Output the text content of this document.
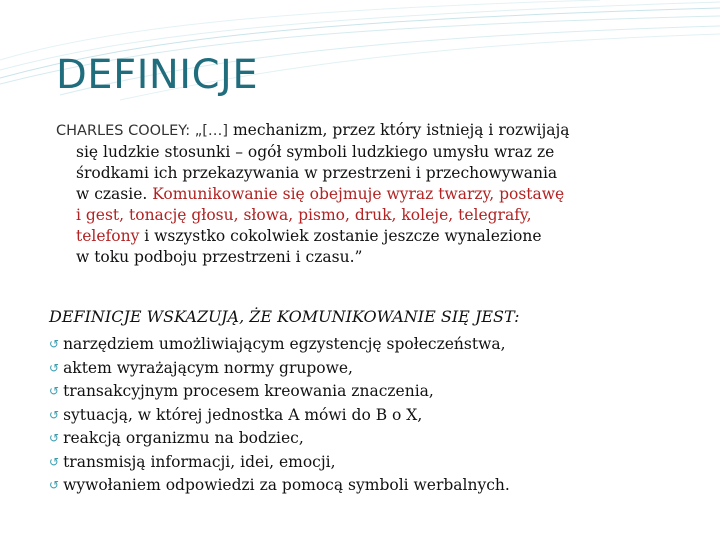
DEFINICJE
CHARLES COOLEY: „[…] mechanizm, przez który istnieją i rozwijają
się ludzkie stosunki – ogół symboli ludzkiego umysłu wraz ze
środkami ich przekazywania w przestrzeni i przechowywania
w czasie. Komunikowanie się obejmuje wyraz twarzy, postawę
i gest, tonację głosu, słowa, pismo, druk, koleje, telegrafy,
telefony i wszystko cokolwiek zostanie jeszcze wynalezione
w toku podboju przestrzeni i czasu.”
DEFINICJE WSKAZUJĄ, ŻE KOMUNIKOWANIE SIĘ JEST:
↺ narzędziem umożliwiającym egzystencję społeczeństwa,
↺ aktem wyrażającym normy grupowe,
↺ transakcyjnym procesem kreowania znaczenia,
↺ sytuacją, w której jednostka A mówi do B o X,
↺ reakcją organizmu na bodziec,
↺ transmisją informacji, idei, emocji,
↺ wywołaniem odpowiedzi za pomocą symboli werbalnych.
